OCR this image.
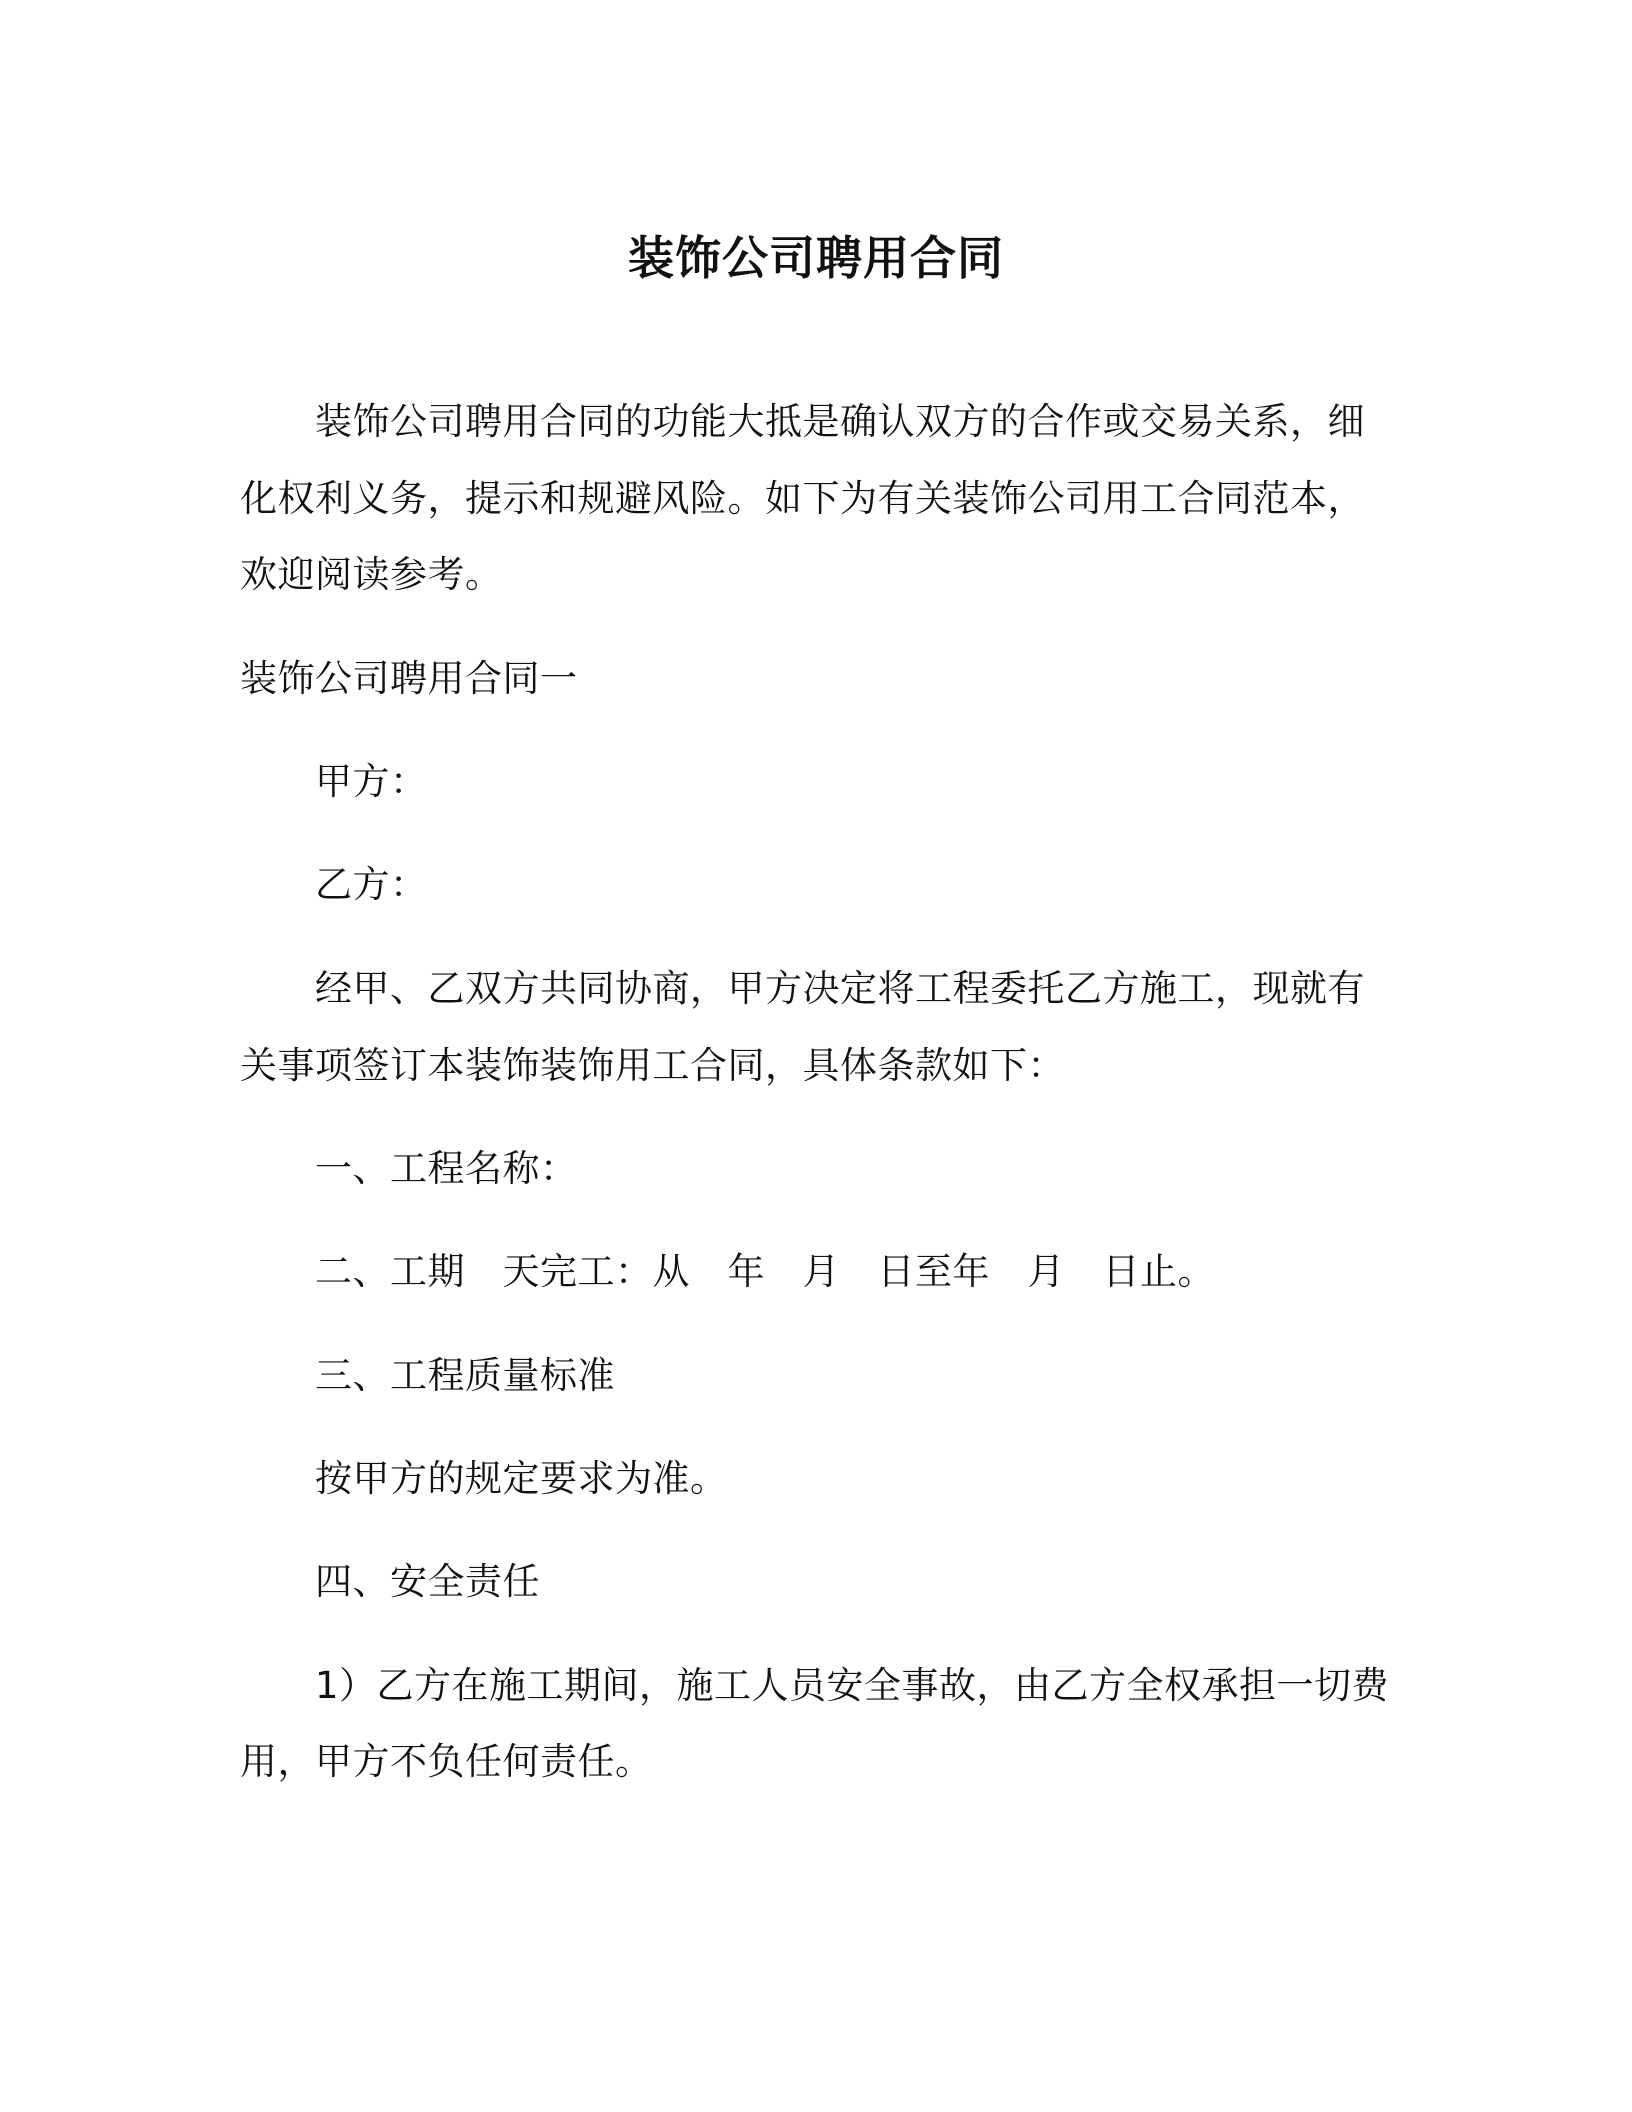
装饰公司聘用合同
装饰公司聘用合同的功能大抵是确认双方的合作或交易关系，细
化权利义务，提示和规避风险。如下为有关装饰公司用工合同范本，
欢迎阅读参考。
装饰公司聘用合同一
甲方：
乙方：
经甲、乙双方共同协商，甲方决定将工程委托乙方施工，现就有
关事项签订本装饰装饰用工合同，具体条款如下：
一、工程名称：
二、工期　天完工：从　年　月　日至年　月　日止。
三、工程质量标准
按甲方的规定要求为准。
四、安全责任
1）乙方在施工期间，施工人员安全事故，由乙方全权承担一切费
用，甲方不负任何责任。
